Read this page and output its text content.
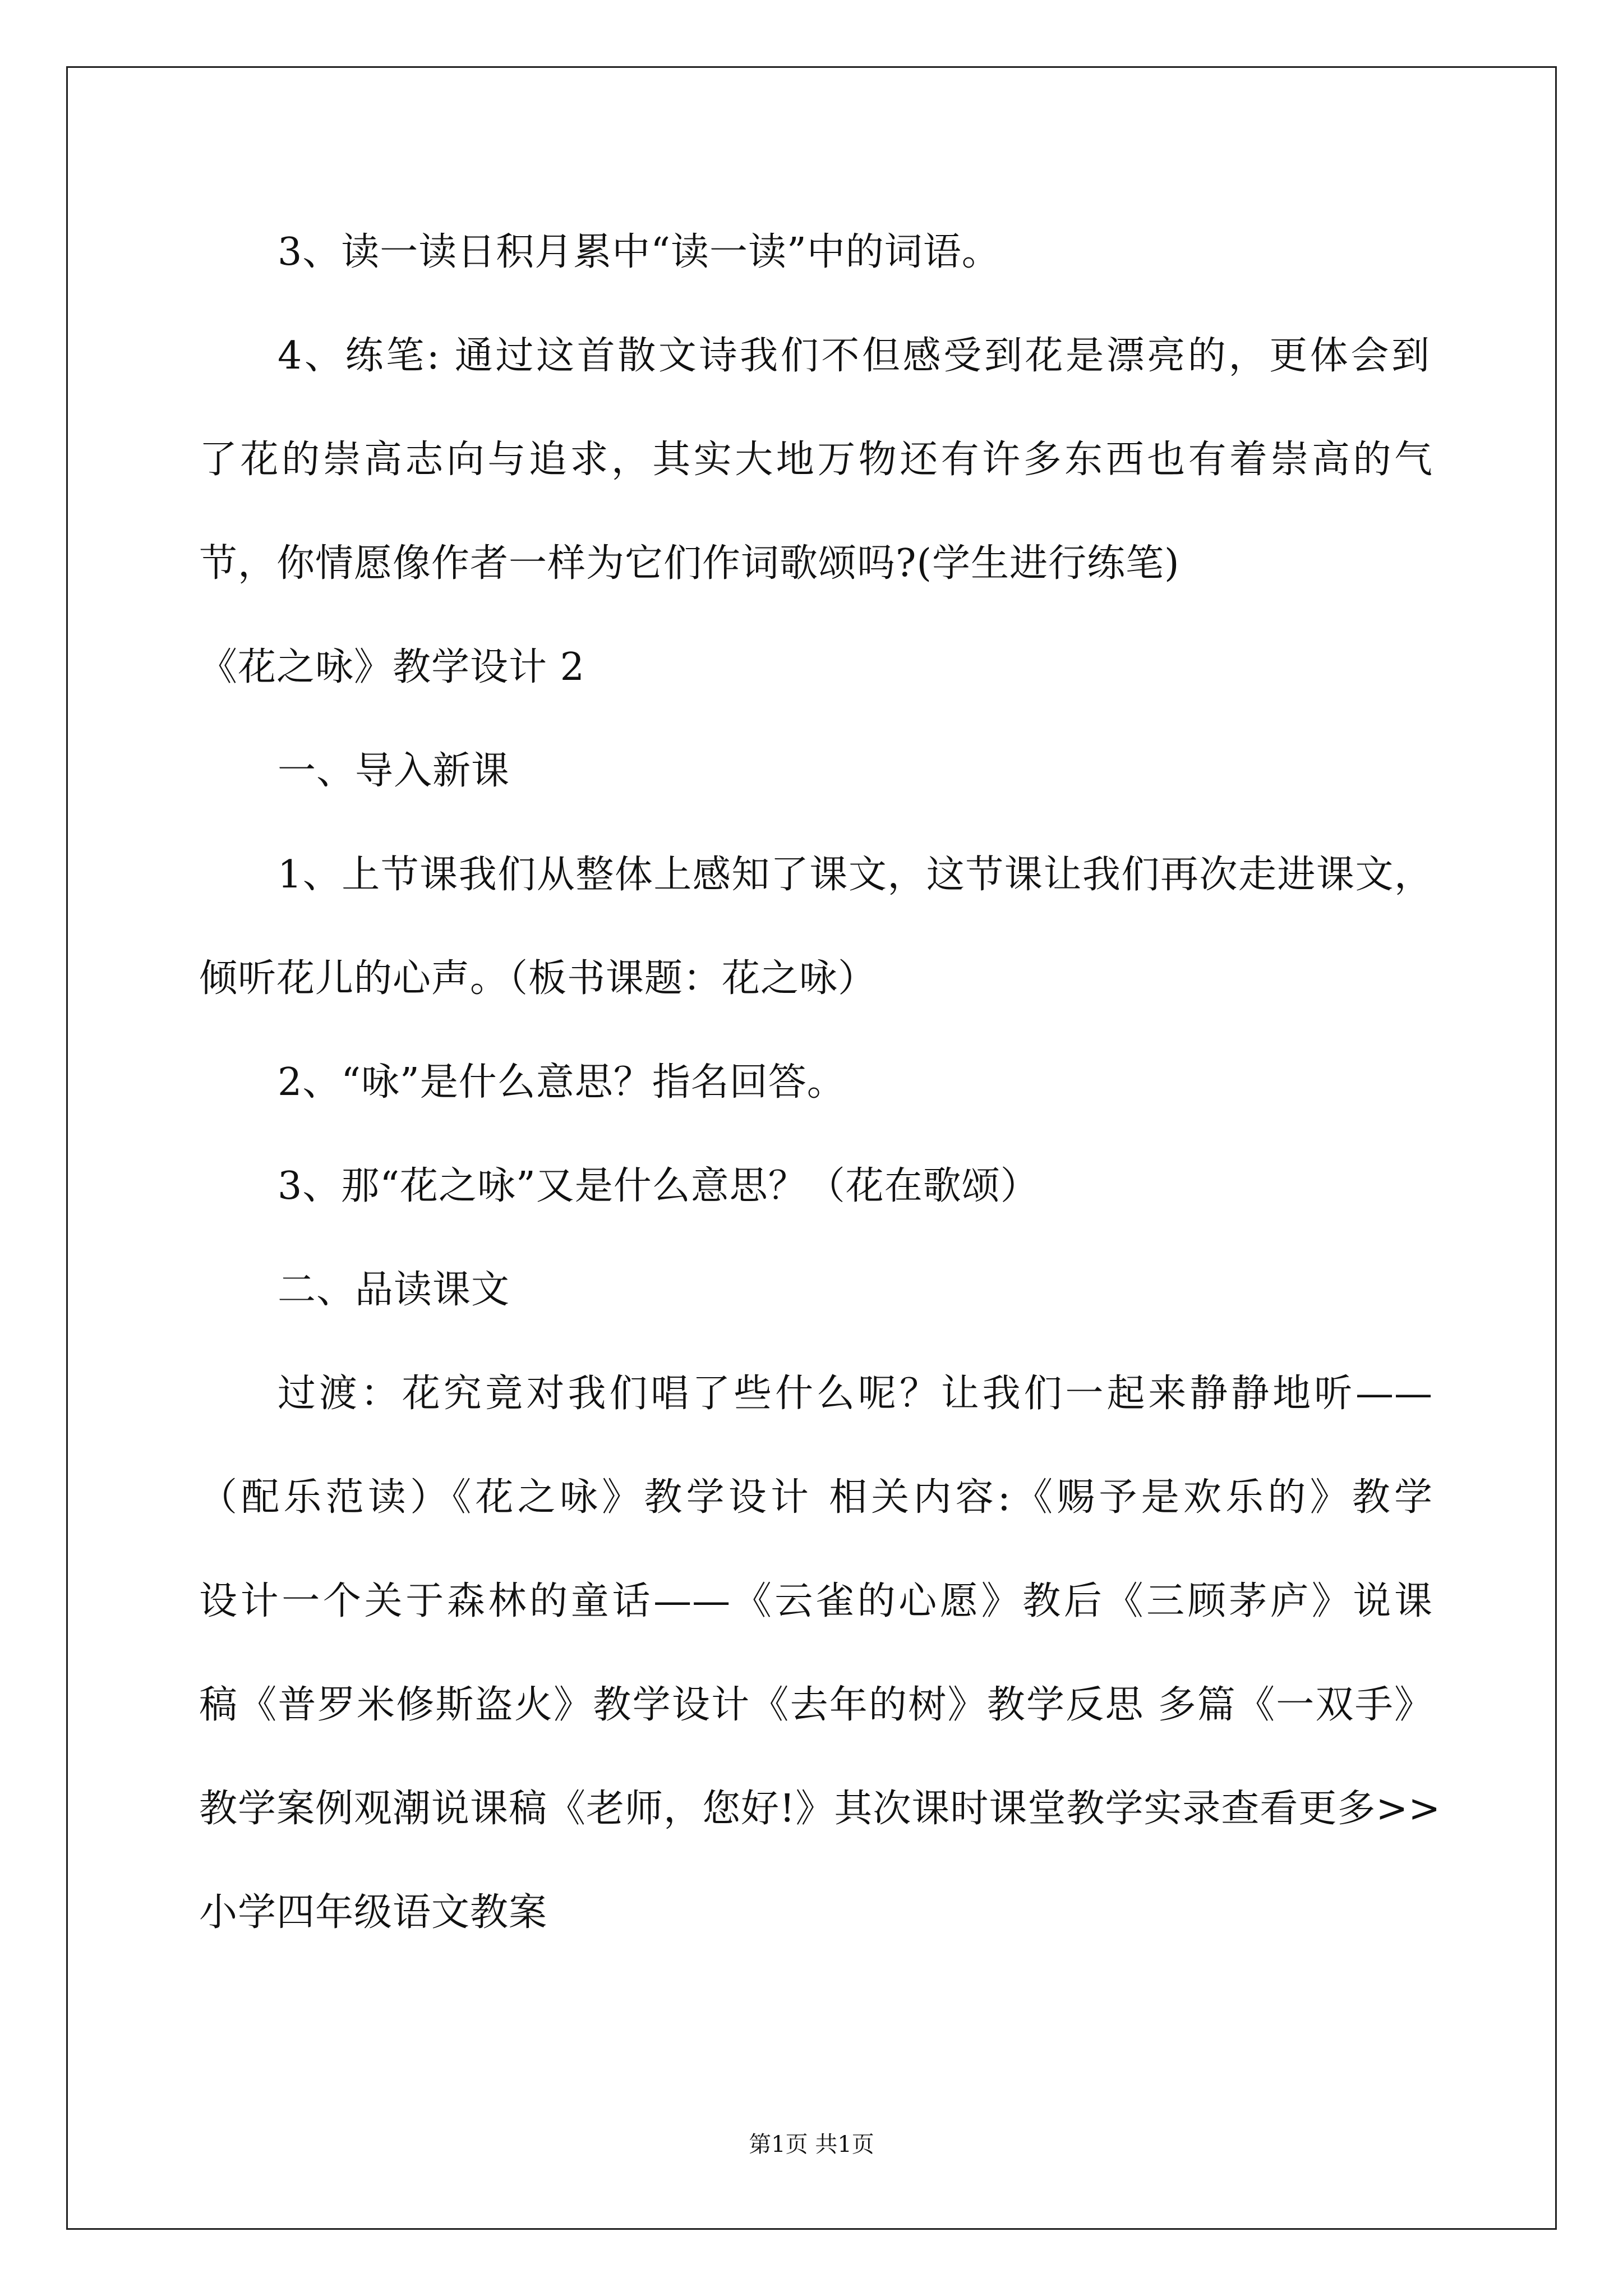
3、读一读日积月累中“读一读”中的词语。

4、练笔: 通过这首散文诗我们不但感受到花是漂亮的，更体会到

了花的崇高志向与追求，其实大地万物还有许多东西也有着崇高的气

节，你情愿像作者一样为它们作词歌颂吗?(学生进行练笔)

《花之咏》教学设计 2

一、导入新课

1、上节课我们从整体上感知了课文，这节课让我们再次走进课文，

倾听花儿的心声。（板书课题：花之咏）

2、“咏”是什么意思？指名回答。

3、那“花之咏”又是什么意思？（花在歌颂）

二、品读课文

过渡：花究竟对我们唱了些什么呢？让我们一起来静静地听——

（配乐范读）《花之咏》教学设计 相关内容:《赐予是欢乐的》教学

设计一个关于森林的童话——《云雀的心愿》教后《三顾茅庐》说课

稿《普罗米修斯盗火》教学设计《去年的树》教学反思 多篇《一双手》

教学案例观潮说课稿《老师，您好!》其次课时课堂教学实录查看更多>>

小学四年级语文教案

第1页 共1页
